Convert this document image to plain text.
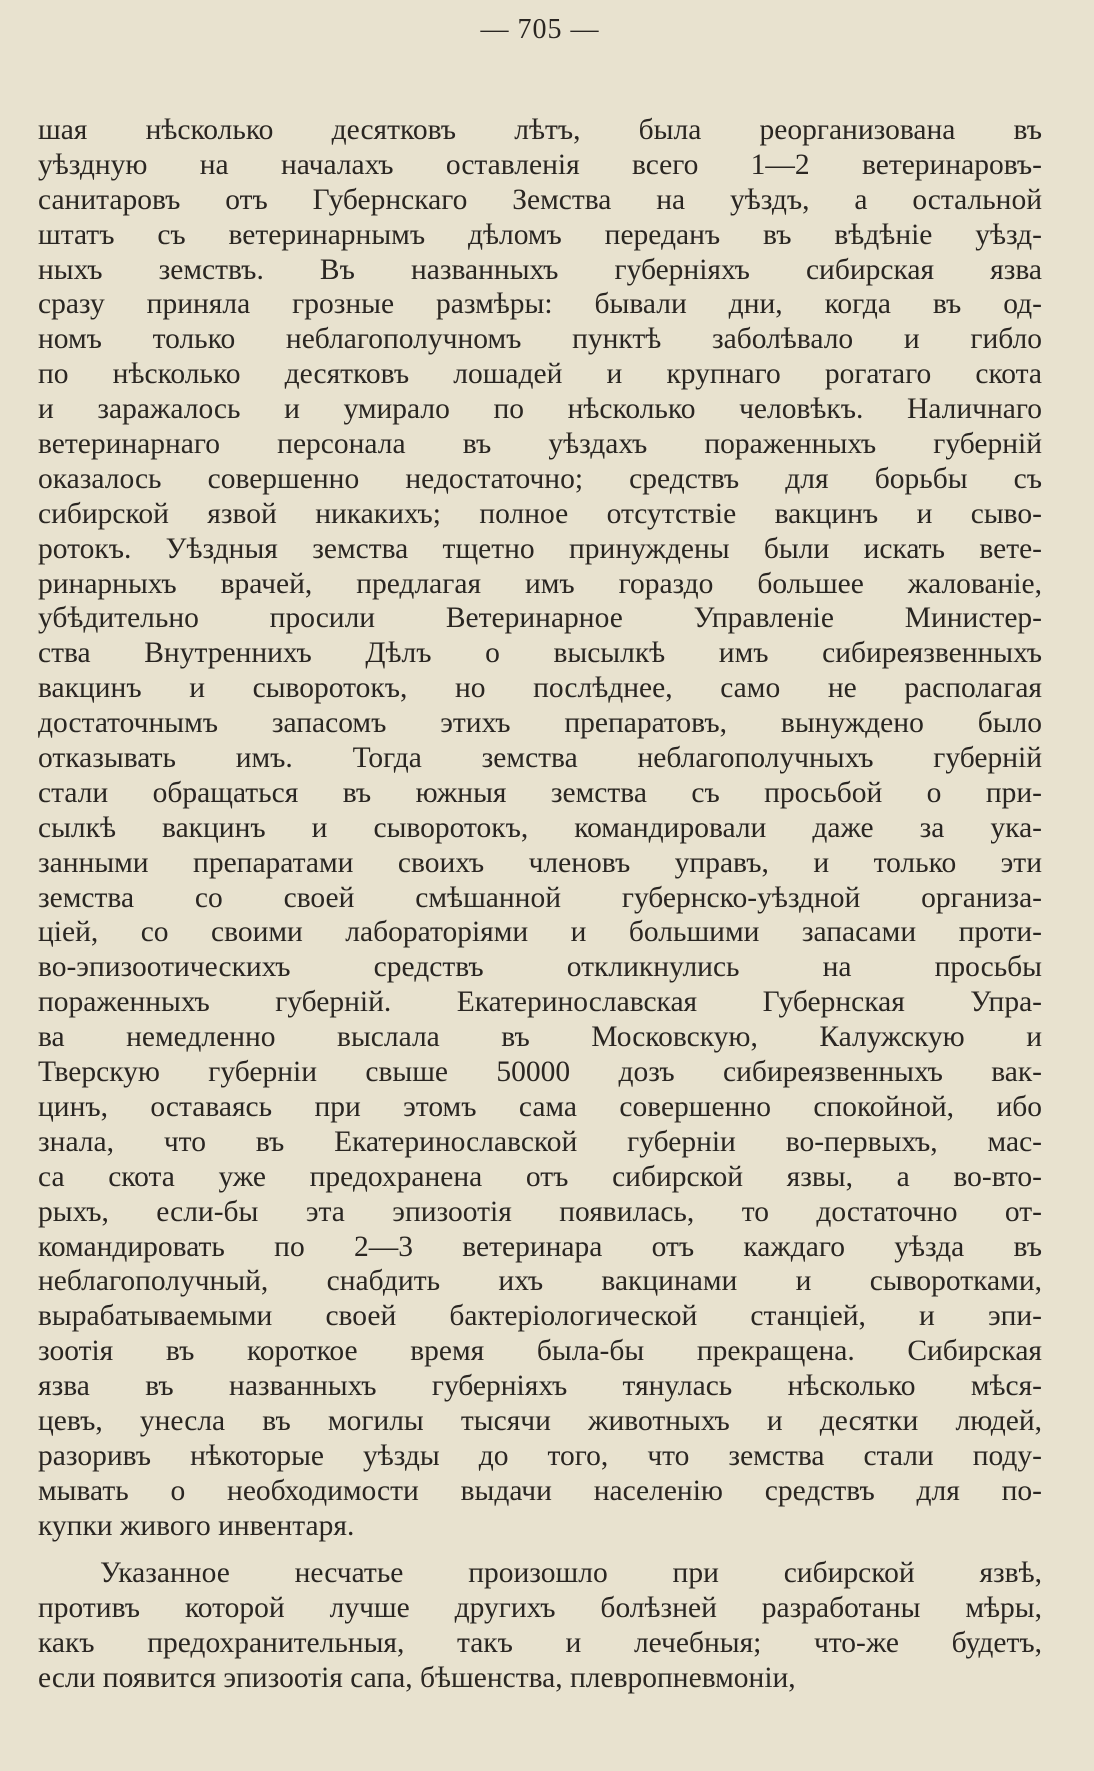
— 705 —
шая нѣсколько десятковъ лѣтъ, была реорганизована въ
уѣздную на началахъ оставленія всего 1—2 ветеринаровъ-
санитаровъ отъ Губернскаго Земства на уѣздъ, а остальной
штатъ съ ветеринарнымъ дѣломъ переданъ въ вѣдѣніе уѣзд-
ныхъ земствъ. Въ названныхъ губерніяхъ сибирская язва
сразу приняла грозные размѣры: бывали дни, когда въ од-
номъ только неблагополучномъ пунктѣ заболѣвало и гибло
по нѣсколько десятковъ лошадей и крупнаго рогатаго скота
и заражалось и умирало по нѣсколько человѣкъ. Наличнаго
ветеринарнаго персонала въ уѣздахъ пораженныхъ губерній
оказалось совершенно недостаточно; средствъ для борьбы съ
сибирской язвой никакихъ; полное отсутствіе вакцинъ и сыво-
ротокъ. Уѣздныя земства тщетно принуждены были искать вете-
ринарныхъ врачей, предлагая имъ гораздо большее жалованіе,
убѣдительно просили Ветеринарное Управленіе Министер-
ства Внутреннихъ Дѣлъ о высылкѣ имъ сибиреязвенныхъ
вакцинъ и сыворотокъ, но послѣднее, само не располагая
достаточнымъ запасомъ этихъ препаратовъ, вынуждено было
отказывать имъ. Тогда земства неблагополучныхъ губерній
стали обращаться въ южныя земства съ просьбой о при-
сылкѣ вакцинъ и сыворотокъ, командировали даже за ука-
занными препаратами своихъ членовъ управъ, и только эти
земства со своей смѣшанной губернско-уѣздной организа-
ціей, со своими лабораторіями и большими запасами проти-
во-эпизоотическихъ средствъ откликнулись на просьбы
пораженныхъ губерній. Екатеринославская Губернская Упра-
ва немедленно выслала въ Московскую, Калужскую и
Тверскую губерніи свыше 50000 дозъ сибиреязвенныхъ вак-
цинъ, оставаясь при этомъ сама совершенно спокойной, ибо
знала, что въ Екатеринославской губерніи во-первыхъ, мас-
са скота уже предохранена отъ сибирской язвы, а во-вто-
рыхъ, если-бы эта эпизоотія появилась, то достаточно от-
командировать по 2—3 ветеринара отъ каждаго уѣзда въ
неблагополучный, снабдить ихъ вакцинами и сыворотками,
вырабатываемыми своей бактеріологической станціей, и эпи-
зоотія въ короткое время была-бы прекращена. Сибирская
язва въ названныхъ губерніяхъ тянулась нѣсколько мѣся-
цевъ, унесла въ могилы тысячи животныхъ и десятки людей,
разоривъ нѣкоторые уѣзды до того, что земства стали поду-
мывать о необходимости выдачи населенію средствъ для по-
купки живого инвентаря.
Указанное несчатье произошло при сибирской язвѣ,
противъ которой лучше другихъ болѣзней разработаны мѣры,
какъ предохранительныя, такъ и лечебныя; что-же будетъ,
если появится эпизоотія сапа, бѣшенства, плевропневмоніи,
